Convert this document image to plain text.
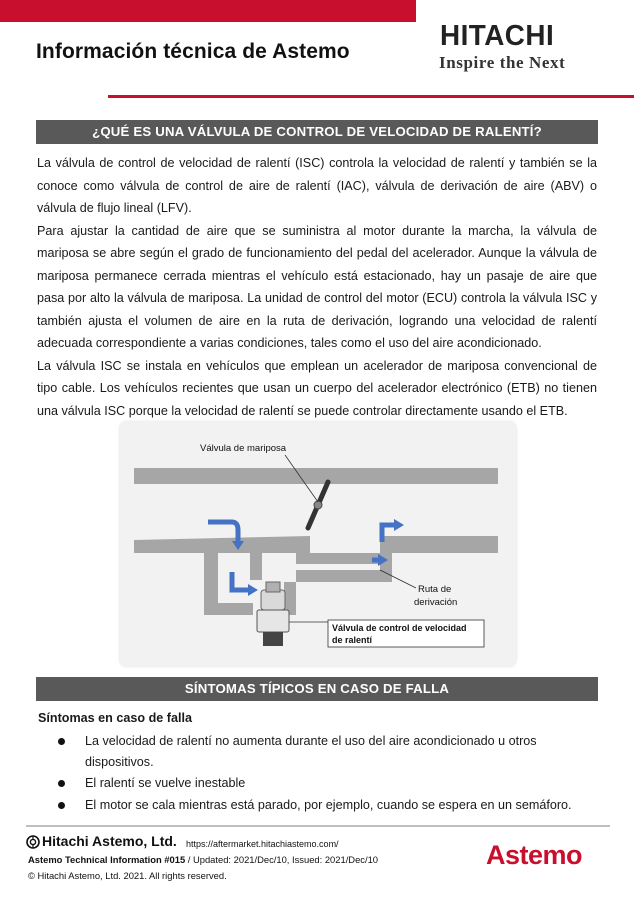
Información técnica de Astemo	HITACHI
Inspire the Next
¿QUÉ ES UNA VÁLVULA DE CONTROL DE VELOCIDAD DE RALENTÍ?

La válvula de control de velocidad de ralentí (ISC) controla la velocidad de ralentí y también se la conoce como válvula de control de aire de ralentí (IAC), válvula de derivación de aire (ABV) o válvula de flujo lineal (LFV).

Para ajustar la cantidad de aire que se suministra al motor durante la marcha, la válvula de mariposa se abre según el grado de funcionamiento del pedal del acelerador. Aunque la válvula de mariposa permanece cerrada mientras el vehículo está estacionado, hay un pasaje de aire que pasa por alto la válvula de mariposa. La unidad de control del motor (ECU) controla la válvula ISC y también ajusta el volumen de aire en la ruta de derivación, logrando una velocidad de ralentí adecuada correspondiente a varias condiciones, tales como el uso del aire acondicionado.

La válvula ISC se instala en vehículos que emplean un acelerador de mariposa convencional de tipo cable. Los vehículos recientes que usan un cuerpo del acelerador electrónico (ETB) no tienen una válvula ISC porque la velocidad de ralentí se puede controlar directamente usando el ETB.

Válvula de mariposa
Ruta de
derivación
Válvula de control de velocidad
de ralentí
SÍNTOMAS TÍPICOS EN CASO DE FALLA
Síntomas en caso de falla
La velocidad de ralentí no aumenta durante el uso del aire acondicionado u otros
dispositivos.
El ralentí se vuelve inestable
El motor se cala mientras está parado, por ejemplo, cuando se espera en un semáforo.
Hitachi Astemo, Ltd. https://aftermarket.hitachiastemo.com/
Astemo Technical Information #015 / Updated: 2021/Dec/10, Issued: 2021/Dec/10
© Hitachi Astemo, Ltd. 2021. All rights reserved.
Astemo
